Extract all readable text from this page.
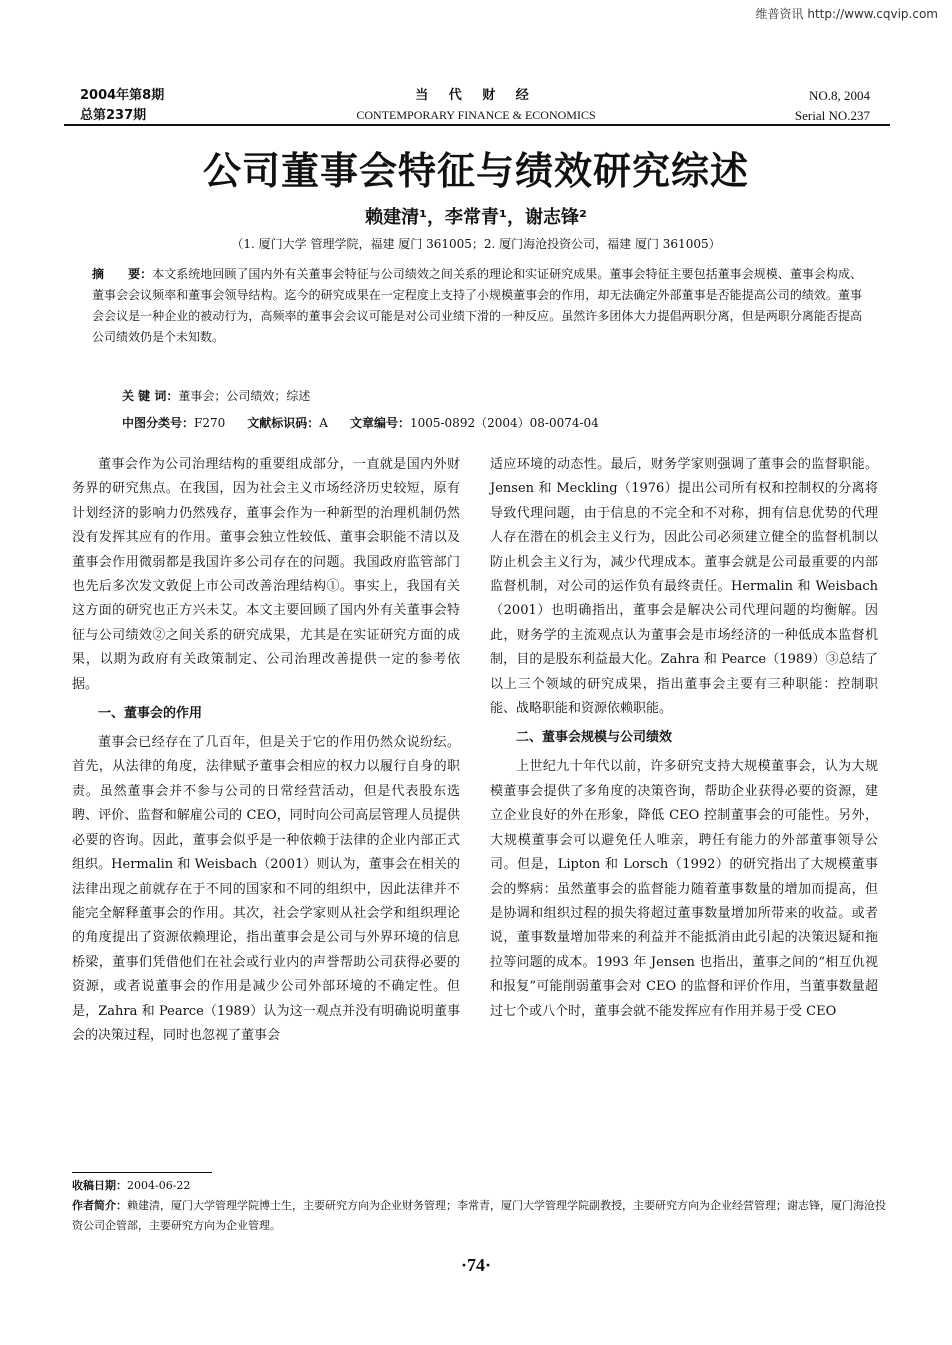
维普资讯 http://www.cqvip.com
2004年第8期
总第237期
当 代 财 经
CONTEMPORARY FINANCE & ECONOMICS
NO.8, 2004
Serial NO.237
公司董事会特征与绩效研究综述
赖建清¹，李常青¹，谢志锋²
（1. 厦门大学 管理学院，福建 厦门 361005；2. 厦门海沧投资公司，福建 厦门 361005）
摘　　要：本文系统地回顾了国内外有关董事会特征与公司绩效之间关系的理论和实证研究成果。董事会特征主要包括董事会规模、董事会构成、董事会会议频率和董事会领导结构。迄今的研究成果在一定程度上支持了小规模董事会的作用，却无法确定外部董事是否能提高公司的绩效。董事会会议是一种企业的被动行为，高频率的董事会会议可能是对公司业绩下滑的一种反应。虽然许多团体大力提倡两职分离，但是两职分离能否提高公司绩效仍是个未知数。
关 键 词：董事会；公司绩效；综述
中图分类号：F270 文献标识码：A 文章编号：1005-0892（2004）08-0074-04

董事会作为公司治理结构的重要组成部分，一直就是国内外财务界的研究焦点。在我国，因为社会主义市场经济历史较短，原有计划经济的影响力仍然残存，董事会作为一种新型的治理机制仍然没有发挥其应有的作用。董事会独立性较低、董事会职能不清以及董事会作用微弱都是我国许多公司存在的问题。我国政府监管部门也先后多次发文敦促上市公司改善治理结构①。事实上，我国有关这方面的研究也正方兴未艾。本文主要回顾了国内外有关董事会特征与公司绩效②之间关系的研究成果，尤其是在实证研究方面的成果，以期为政府有关政策制定、公司治理改善提供一定的参考依据。

一、董事会的作用

董事会已经存在了几百年，但是关于它的作用仍然众说纷纭。首先，从法律的角度，法律赋予董事会相应的权力以履行自身的职责。虽然董事会并不参与公司的日常经营活动，但是代表股东选聘、评价、监督和解雇公司的 CEO，同时向公司高层管理人员提供必要的咨询。因此，董事会似乎是一种依赖于法律的企业内部正式组织。Hermalin 和 Weisbach（2001）则认为，董事会在相关的法律出现之前就存在于不同的国家和不同的组织中，因此法律并不能完全解释董事会的作用。其次，社会学家则从社会学和组织理论的角度提出了资源依赖理论，指出董事会是公司与外界环境的信息桥梁，董事们凭借他们在社会或行业内的声誉帮助公司获得必要的资源，或者说董事会的作用是减少公司外部环境的不确定性。但是，Zahra 和 Pearce（1989）认为这一观点并没有明确说明董事会的决策过程，同时也忽视了董事会

适应环境的动态性。最后，财务学家则强调了董事会的监督职能。Jensen 和 Meckling（1976）提出公司所有权和控制权的分离将导致代理问题，由于信息的不完全和不对称，拥有信息优势的代理人存在潜在的机会主义行为，因此公司必须建立健全的监督机制以防止机会主义行为，减少代理成本。董事会就是公司最重要的内部监督机制，对公司的运作负有最终责任。Hermalin 和 Weisbach（2001）也明确指出，董事会是解决公司代理问题的均衡解。因此，财务学的主流观点认为董事会是市场经济的一种低成本监督机制，目的是股东利益最大化。Zahra 和 Pearce（1989）③总结了以上三个领域的研究成果，指出董事会主要有三种职能：控制职能、战略职能和资源依赖职能。

二、董事会规模与公司绩效

上世纪九十年代以前，许多研究支持大规模董事会，认为大规模董事会提供了多角度的决策咨询，帮助企业获得必要的资源，建立企业良好的外在形象，降低 CEO 控制董事会的可能性。另外，大规模董事会可以避免任人唯亲，聘任有能力的外部董事领导公司。但是，Lipton 和 Lorsch（1992）的研究指出了大规模董事会的弊病：虽然董事会的监督能力随着董事数量的增加而提高，但是协调和组织过程的损失将超过董事数量增加所带来的收益。或者说，董事数量增加带来的利益并不能抵消由此引起的决策迟疑和拖拉等问题的成本。1993 年 Jensen 也指出，董事之间的“相互仇视和报复”可能削弱董事会对 CEO 的监督和评价作用，当董事数量超过七个或八个时，董事会就不能发挥应有作用并易于受 CEO

收稿日期：2004-06-22
作者简介：赖建清，厦门大学管理学院博士生，主要研究方向为企业财务管理；李常青，厦门大学管理学院副教授，主要研究方向为企业经营管理；谢志锋，厦门海沧投资公司企管部，主要研究方向为企业管理。
·74·
